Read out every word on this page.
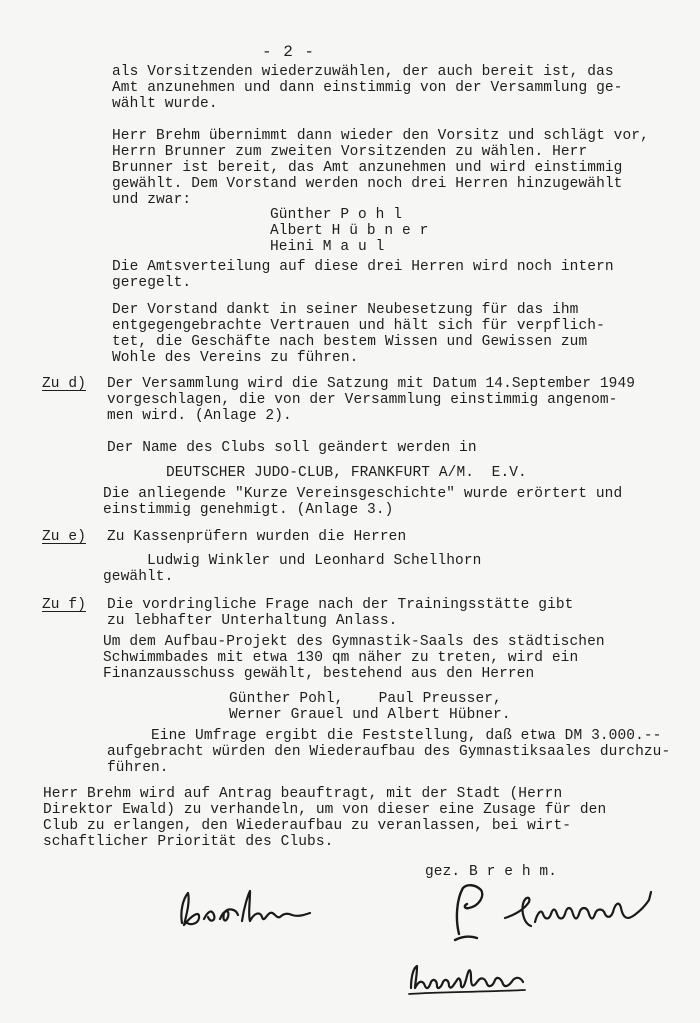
- 2 -

als Vorsitzenden wiederzuwählen, der auch bereit ist, das
Amt anzunehmen und dann einstimmig von der Versammlung ge-
wählt wurde.

Herr Brehm übernimmt dann wieder den Vorsitz und schlägt vor,
Herrn Brunner zum zweiten Vorsitzenden zu wählen. Herr
Brunner ist bereit, das Amt anzunehmen und wird einstimmig
gewählt. Dem Vorstand werden noch drei Herren hinzugewählt
und zwar:

Günther P o h l
Albert H ü b n e r
Heini M a u l

Die Amtsverteilung auf diese drei Herren wird noch intern
geregelt.

Der Vorstand dankt in seiner Neubesetzung für das ihm
entgegengebrachte Vertrauen und hält sich für verpflich-
tet, die Geschäfte nach bestem Wissen und Gewissen zum
Wohle des Vereins zu führen.

Zu d) Der Versammlung wird die Satzung mit Datum 14.September 1949
vorgeschlagen, die von der Versammlung einstimmig angenom-
men wird. (Anlage 2).

Der Name des Clubs soll geändert werden in

DEUTSCHER JUDO-CLUB, FRANKFURT A/M.  E.V.

Die anliegende "Kurze Vereinsgeschichte" wurde erörtert und
einstimmig genehmigt. (Anlage 3.)

Zu e) Zu Kassenprüfern wurden die Herren

Ludwig Winkler und Leonhard Schellhorn

gewählt.

Zu f) Die vordringliche Frage nach der Trainingsstätte gibt
zu lebhafter Unterhaltung Anlass.

Um dem Aufbau-Projekt des Gymnastik-Saals des städtischen
Schwimmbades mit etwa 130 qm näher zu treten, wird ein
Finanzausschuss gewählt, bestehend aus den Herren

Günther Pohl,    Paul Preusser,
Werner Grauel und Albert Hübner.

Eine Umfrage ergibt die Feststellung, daß etwa DM 3.000.--
aufgebracht würden den Wiederaufbau des Gymnastiksaales durchzu-
führen.

Herr Brehm wird auf Antrag beauftragt, mit der Stadt (Herrn
Direktor Ewald) zu verhandeln, um von dieser eine Zusage für den
Club zu erlangen, den Wiederaufbau zu veranlassen, bei wirt-
schaftlicher Priorität des Clubs.

gez. B r e h m.
